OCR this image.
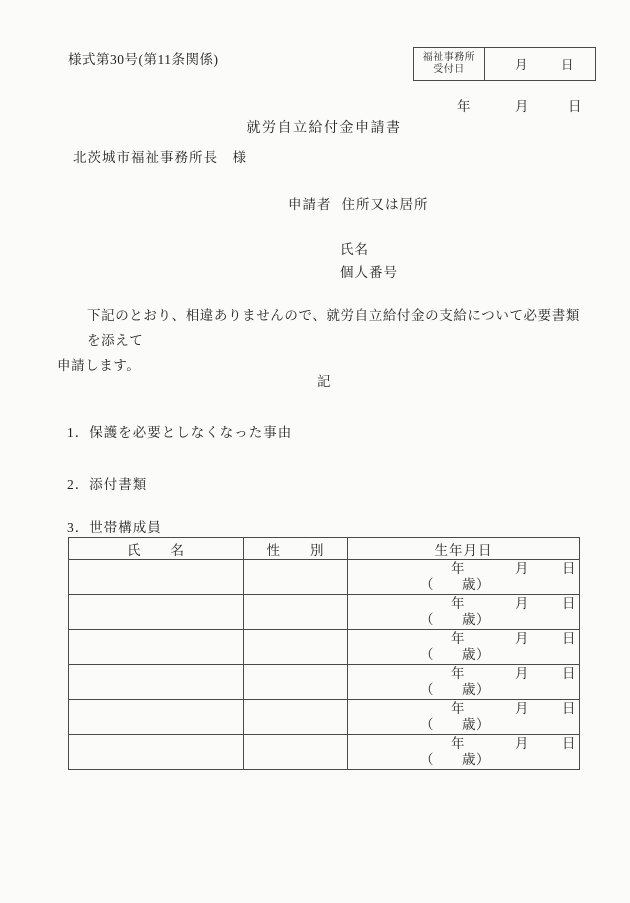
様式第30号(第11条関係)	福祉事務所
受付日	月	日
年	月	日
就労自立給付金申請書
北茨城市福祉事務所長　様
申請者 住所又は居所
氏名
個人番号
下記のとおり、相違ありませんので、就労自立給付金の支給について必要書類を添えて
申請します。
記
1．保護を必要としなくなった事由
2．添付書類
3．世帯構成員
氏　　名	性　　別	生年月日

		年 月 日
（ 歳）

		年 月 日
（ 歳）

		年 月 日
（ 歳）

		年 月 日
（ 歳）

		年 月 日
（ 歳）

		年 月 日
（ 歳）
